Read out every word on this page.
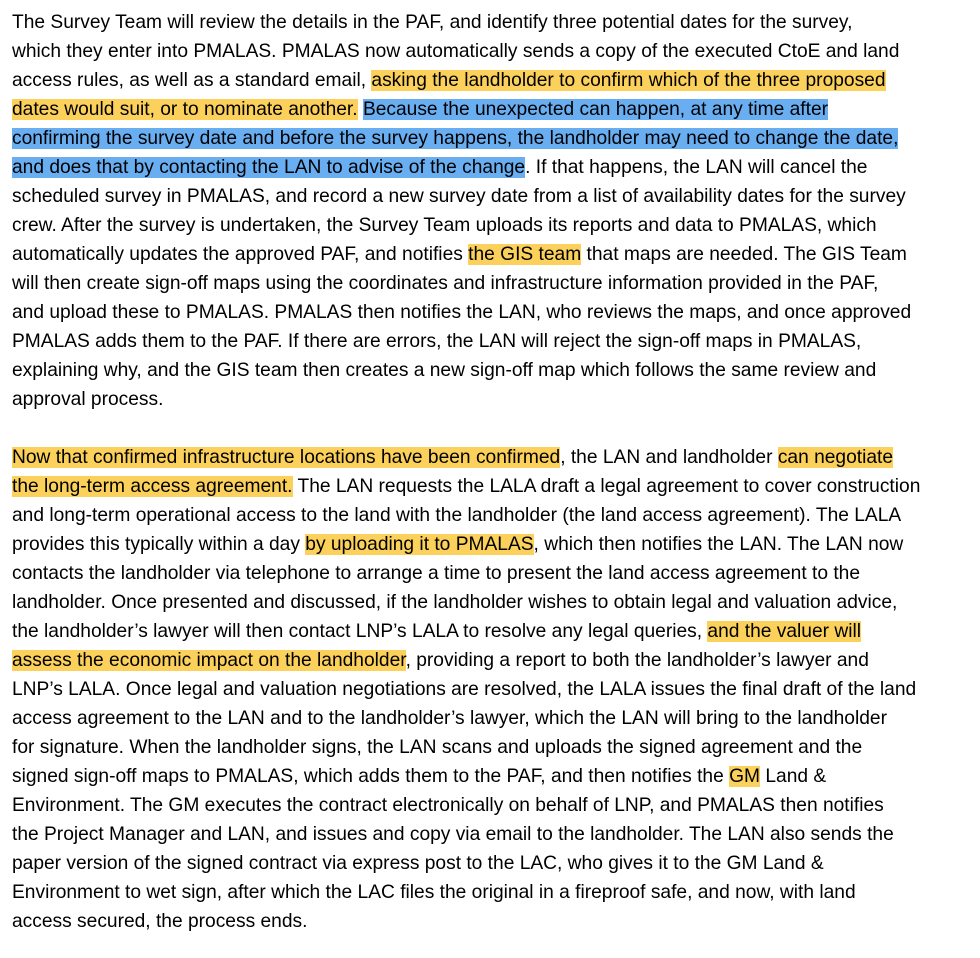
The Survey Team will review the details in the PAF, and identify three potential dates for the survey,
which they enter into PMALAS. PMALAS now automatically sends a copy of the executed CtoE and land
access rules, as well as a standard email, asking the landholder to confirm which of the three proposed
dates would suit, or to nominate another. Because the unexpected can happen, at any time after
confirming the survey date and before the survey happens, the landholder may need to change the date,
and does that by contacting the LAN to advise of the change. If that happens, the LAN will cancel the
scheduled survey in PMALAS, and record a new survey date from a list of availability dates for the survey
crew. After the survey is undertaken, the Survey Team uploads its reports and data to PMALAS, which
automatically updates the approved PAF, and notifies the GIS team that maps are needed. The GIS Team
will then create sign-off maps using the coordinates and infrastructure information provided in the PAF,
and upload these to PMALAS. PMALAS then notifies the LAN, who reviews the maps, and once approved
PMALAS adds them to the PAF. If there are errors, the LAN will reject the sign-off maps in PMALAS,
explaining why, and the GIS team then creates a new sign-off map which follows the same review and
approval process.
Now that confirmed infrastructure locations have been confirmed, the LAN and landholder can negotiate
the long-term access agreement. The LAN requests the LALA draft a legal agreement to cover construction
and long-term operational access to the land with the landholder (the land access agreement). The LALA
provides this typically within a day by uploading it to PMALAS, which then notifies the LAN. The LAN now
contacts the landholder via telephone to arrange a time to present the land access agreement to the
landholder. Once presented and discussed, if the landholder wishes to obtain legal and valuation advice,
the landholder’s lawyer will then contact LNP’s LALA to resolve any legal queries, and the valuer will
assess the economic impact on the landholder, providing a report to both the landholder’s lawyer and
LNP’s LALA. Once legal and valuation negotiations are resolved, the LALA issues the final draft of the land
access agreement to the LAN and to the landholder’s lawyer, which the LAN will bring to the landholder
for signature. When the landholder signs, the LAN scans and uploads the signed agreement and the
signed sign-off maps to PMALAS, which adds them to the PAF, and then notifies the GM Land &
Environment. The GM executes the contract electronically on behalf of LNP, and PMALAS then notifies
the Project Manager and LAN, and issues and copy via email to the landholder. The LAN also sends the
paper version of the signed contract via express post to the LAC, who gives it to the GM Land &
Environment to wet sign, after which the LAC files the original in a fireproof safe, and now, with land
access secured, the process ends.
